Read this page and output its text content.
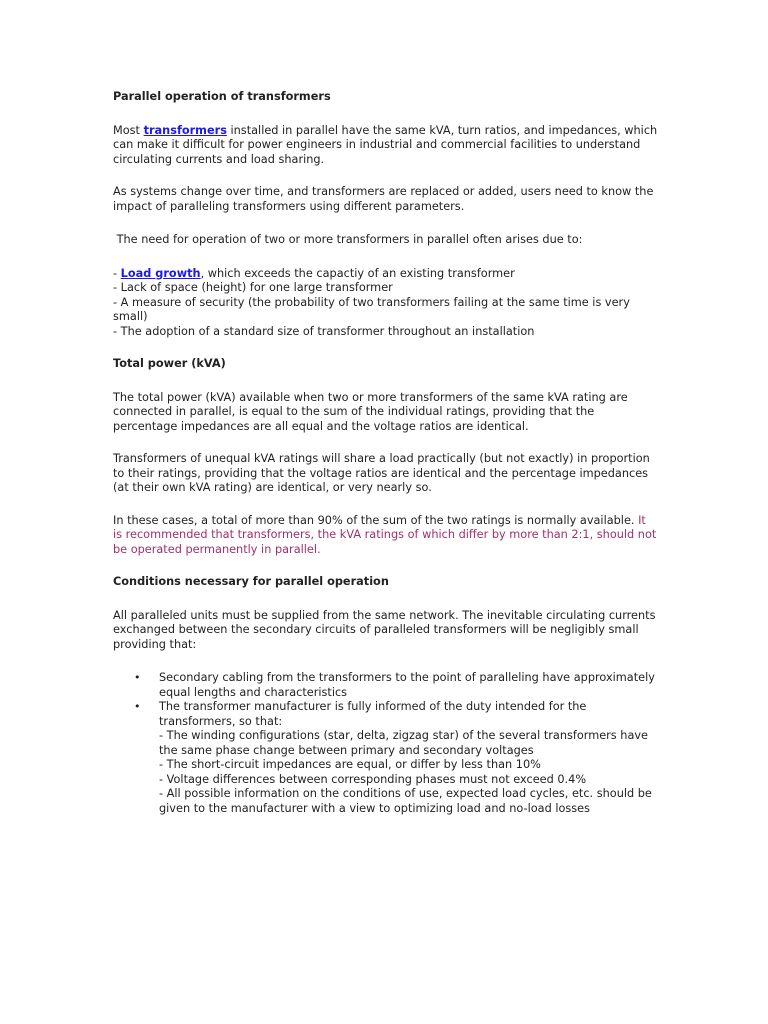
Parallel operation of transformers

Most transformers installed in parallel have the same kVA, turn ratios, and impedances, which can make it difficult for power engineers in industrial and commercial facilities to understand circulating currents and load sharing.

As systems change over time, and transformers are replaced or added, users need to know the impact of paralleling transformers using different parameters.

The need for operation of two or more transformers in parallel often arises due to:

- Load growth, which exceeds the capactiy of an existing transformer

- Lack of space (height) for one large transformer

- A measure of security (the probability of two transformers failing at the same time is very small)

- The adoption of a standard size of transformer throughout an installation

Total power (kVA)

The total power (kVA) available when two or more transformers of the same kVA rating are connected in parallel, is equal to the sum of the individual ratings, providing that the percentage impedances are all equal and the voltage ratios are identical.

Transformers of unequal kVA ratings will share a load practically (but not exactly) in proportion to their ratings, providing that the voltage ratios are identical and the percentage impedances (at their own kVA rating) are identical, or very nearly so.

In these cases, a total of more than 90% of the sum of the two ratings is normally available. It is recommended that transformers, the kVA ratings of which differ by more than 2:1, should not be operated permanently in parallel.

Conditions necessary for parallel operation

All paralleled units must be supplied from the same network. The inevitable circulating currents exchanged between the secondary circuits of paralleled transformers will be negligibly small providing that:

• Secondary cabling from the transformers to the point of paralleling have approximately equal lengths and characteristics
• The transformer manufacturer is fully informed of the duty intended for the transformers, so that:
- The winding configurations (star, delta, zigzag star) of the several transformers have the same phase change between primary and secondary voltages
- The short-circuit impedances are equal, or differ by less than 10%
- Voltage differences between corresponding phases must not exceed 0.4%
- All possible information on the conditions of use, expected load cycles, etc. should be given to the manufacturer with a view to optimizing load and no-load losses
